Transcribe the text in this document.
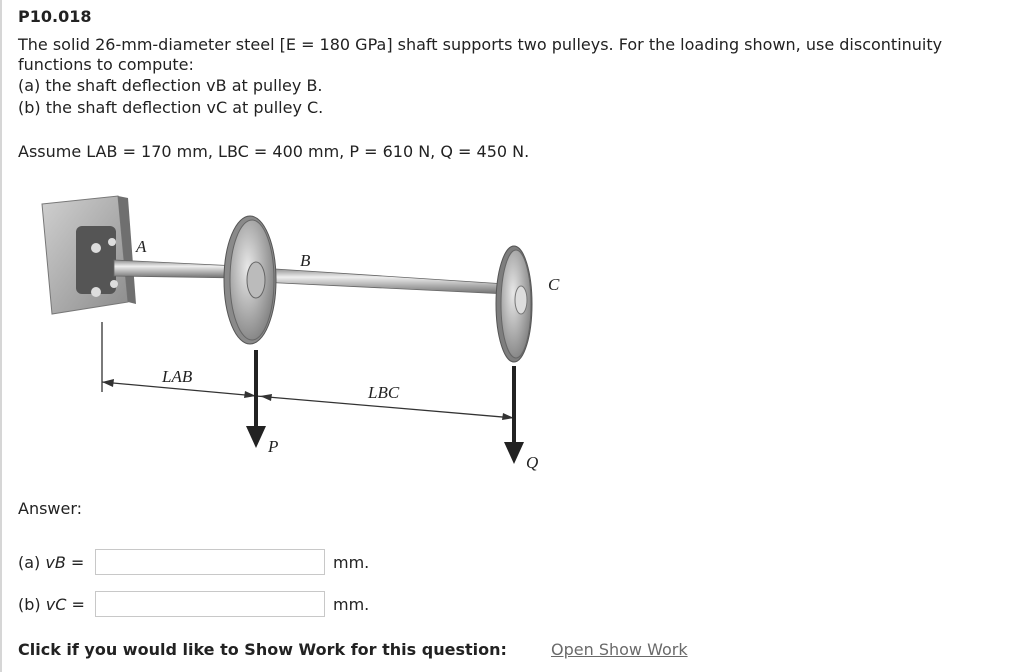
P10.018
The solid 26-mm-diameter steel [E = 180 GPa] shaft supports two pulleys. For the loading shown, use discontinuity functions to compute:
(a) the shaft deflection vB at pulley B.
(b) the shaft deflection vC at pulley C.
Assume LAB = 170 mm, LBC = 400 mm, P = 610 N, Q = 450 N.
A
B
C
LAB
LBC
P
Q
Answer:
(a) vB =	mm.
(b) vC =	mm.
Click if you would like to Show Work for this question:	Open Show Work
